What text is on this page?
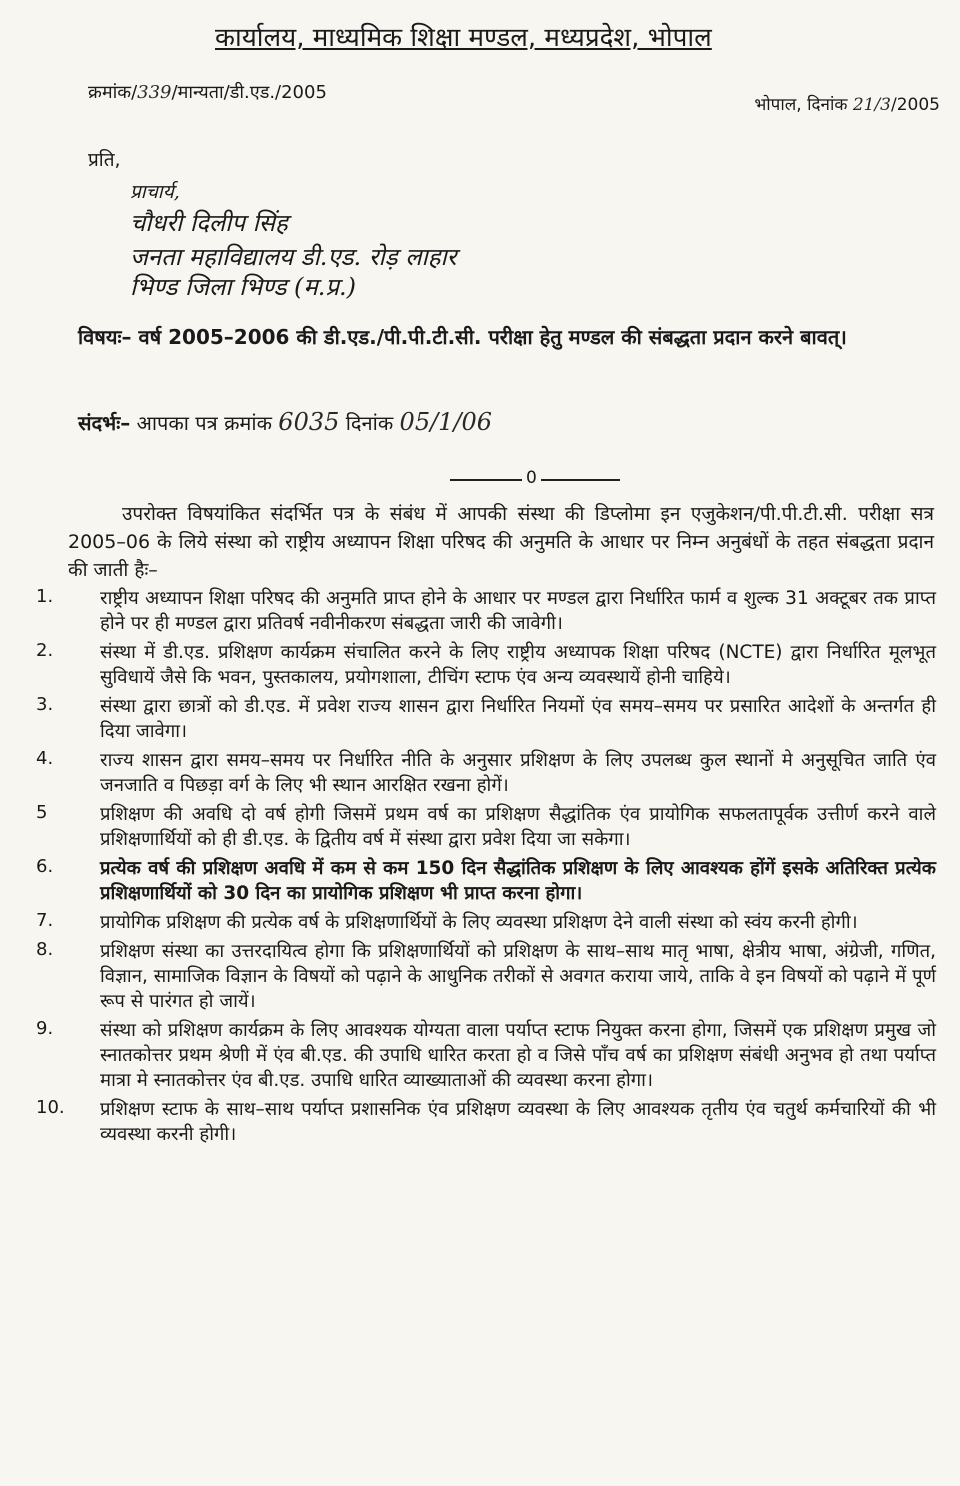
कार्यालय, माध्यमिक शिक्षा मण्डल, मध्यप्रदेश, भोपाल
क्रमांक/339/मान्यता/डी.एड./2005
भोपाल, दिनांक 21/3/2005
प्रति,
प्राचार्य,
चौधरी दिलीप सिंह
जनता महाविद्यालय डी.एड. रोड़ लाहार
भिण्ड जिला भिण्ड (म.प्र.)
विषयः– वर्ष 2005–2006 की डी.एड./पी.पी.टी.सी. परीक्षा हेतु मण्डल की संबद्धता प्रदान करने बावत्।
संदर्भः– आपका पत्र क्रमांक 6035 दिनांक 05/1/06
0
उपरोक्त विषयांकित संदर्भित पत्र के संबंध में आपकी संस्था की डिप्लोमा इन एजुकेशन/पी.पी.टी.सी. परीक्षा सत्र 2005–06 के लिये संस्था को राष्ट्रीय अध्यापन शिक्षा परिषद की अनुमति के आधार पर निम्न अनुबंधों के तहत संबद्धता प्रदान की जाती हैः–
1.	राष्ट्रीय अध्यापन शिक्षा परिषद की अनुमति प्राप्त होने के आधार पर मण्डल द्वारा निर्धारित फार्म व शुल्क 31 अक्टूबर तक प्राप्त होने पर ही मण्डल द्वारा प्रतिवर्ष नवीनीकरण संबद्धता जारी की जावेगी।
2.	संस्था में डी.एड. प्रशिक्षण कार्यक्रम संचालित करने के लिए राष्ट्रीय अध्यापक शिक्षा परिषद (NCTE) द्वारा निर्धारित मूलभूत सुविधायें जैसे कि भवन, पुस्तकालय, प्रयोगशाला, टीचिंग स्टाफ एंव अन्य व्यवस्थायें होनी चाहिये।
3.	संस्था द्वारा छात्रों को डी.एड. में प्रवेश राज्य शासन द्वारा निर्धारित नियमों एंव समय–समय पर प्रसारित आदेशों के अन्तर्गत ही दिया जावेगा।
4.	राज्य शासन द्वारा समय–समय पर निर्धारित नीति के अनुसार प्रशिक्षण के लिए उपलब्ध कुल स्थानों मे अनुसूचित जाति एंव जनजाति व पिछड़ा वर्ग के लिए भी स्थान आरक्षित रखना होगें।
5	प्रशिक्षण की अवधि दो वर्ष होगी जिसमें प्रथम वर्ष का प्रशिक्षण सैद्धांतिक एंव प्रायोगिक सफलतापूर्वक उत्तीर्ण करने वाले प्रशिक्षणार्थियों को ही डी.एड. के द्वितीय वर्ष में संस्था द्वारा प्रवेश दिया जा सकेगा।
6.	प्रत्येक वर्ष की प्रशिक्षण अवधि में कम से कम 150 दिन सैद्धांतिक प्रशिक्षण के लिए आवश्यक होंगें इसके अतिरिक्त प्रत्येक प्रशिक्षणार्थियों को 30 दिन का प्रायोगिक प्रशिक्षण भी प्राप्त करना होगा।
7.	प्रायोगिक प्रशिक्षण की प्रत्येक वर्ष के प्रशिक्षणार्थियों के लिए व्यवस्था प्रशिक्षण देने वाली संस्था को स्वंय करनी होगी।
8.	प्रशिक्षण संस्था का उत्तरदायित्व होगा कि प्रशिक्षणार्थियों को प्रशिक्षण के साथ–साथ मातृ भाषा, क्षेत्रीय भाषा, अंग्रेजी, गणित, विज्ञान, सामाजिक विज्ञान के विषयों को पढ़ाने के आधुनिक तरीकों से अवगत कराया जाये, ताकि वे इन विषयों को पढ़ाने में पूर्ण रूप से पारंगत हो जायें।
9.	संस्था को प्रशिक्षण कार्यक्रम के लिए आवश्यक योग्यता वाला पर्याप्त स्टाफ नियुक्त करना होगा, जिसमें एक प्रशिक्षण प्रमुख जो स्नातकोत्तर प्रथम श्रेणी में एंव बी.एड. की उपाधि धारित करता हो व जिसे पाँच वर्ष का प्रशिक्षण संबंधी अनुभव हो तथा पर्याप्त मात्रा मे स्नातकोत्तर एंव बी.एड. उपाधि धारित व्याख्याताओं की व्यवस्था करना होगा।
10.	प्रशिक्षण स्टाफ के साथ–साथ पर्याप्त प्रशासनिक एंव प्रशिक्षण व्यवस्था के लिए आवश्यक तृतीय एंव चतुर्थ कर्मचारियों की भी व्यवस्था करनी होगी।
